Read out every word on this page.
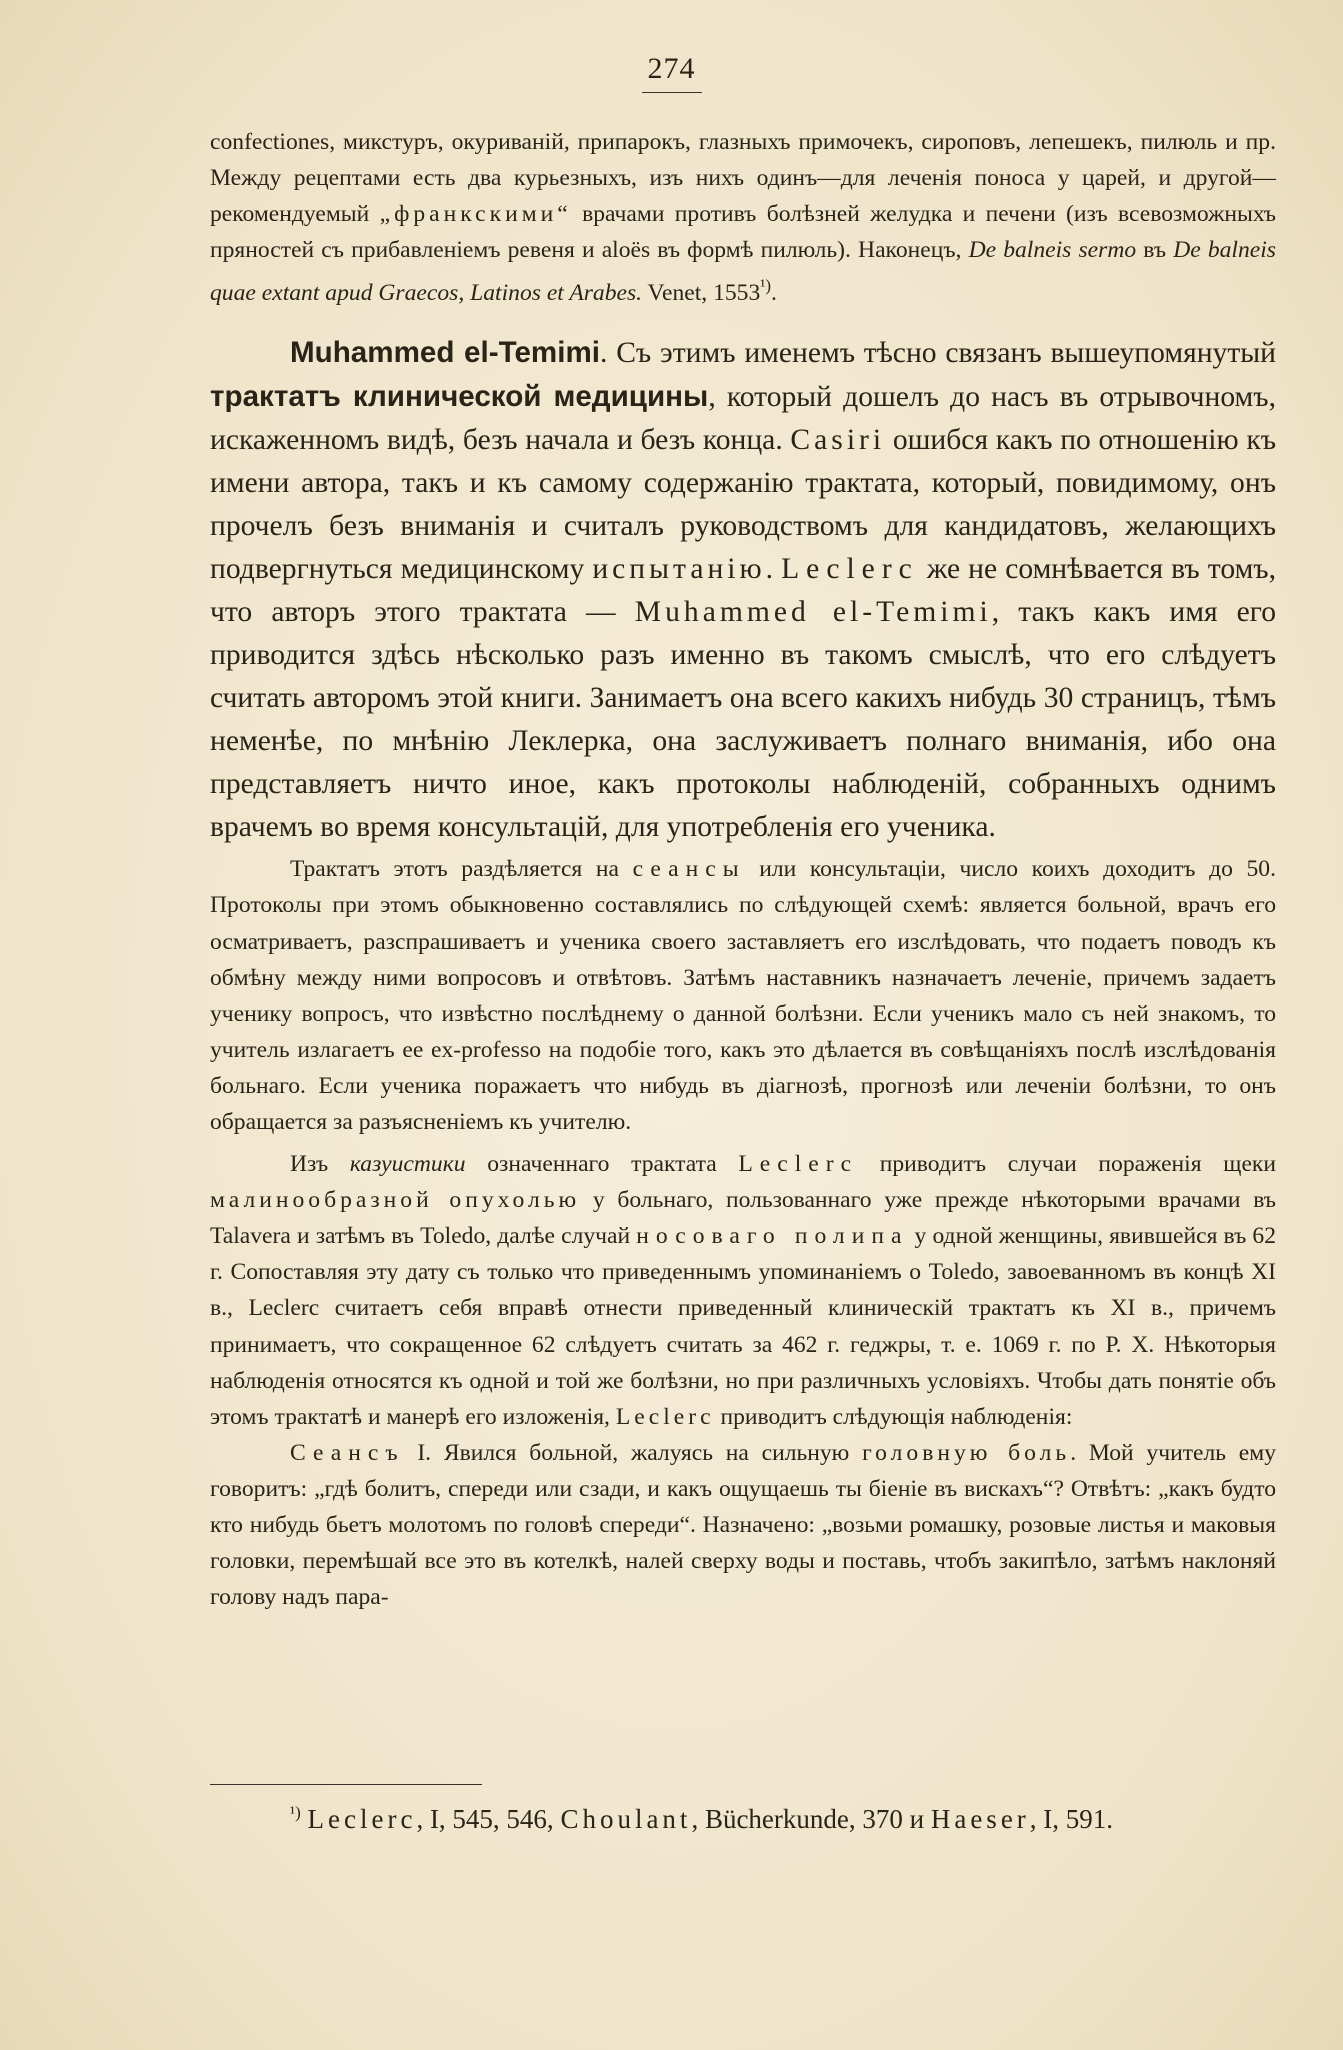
274

confectiones, микстуръ, окуриваній, припарокъ, глазныхъ примочекъ, сироповъ, лепешекъ, пилюль и пр. Между рецептами есть два курьезныхъ, изъ нихъ одинъ—для леченія поноса у царей, и другой—рекомендуемый „франкскими“ врачами противъ болѣзней желудка и печени (изъ всевозможныхъ пряностей съ прибавленіемъ ревеня и aloës въ формѣ пилюль). Наконецъ, De balneis sermo въ De balneis quae extant apud Graecos, Latinos et Arabes. Venet, 1553$^{^1)}$.

Muhammed el-Temimi. Съ этимъ именемъ тѣсно связанъ вышеупомянутый трактатъ клинической медицины, который дошелъ до насъ въ отрывочномъ, искаженномъ видѣ, безъ начала и безъ конца. Casiri ошибся какъ по отношенію къ имени автора, такъ и къ самому содержанію трактата, который, повидимому, онъ прочелъ безъ вниманія и считалъ руководствомъ для кандидатовъ, желающихъ подвергнуться медицинскому испытанію. Leclerc же не сомнѣвается въ томъ, что авторъ этого трактата — Muhammed el-Temimi, такъ какъ имя его приводится здѣсь нѣсколько разъ именно въ такомъ смыслѣ, что его слѣдуетъ считать авторомъ этой книги. Занимаетъ она всего какихъ нибудь 30 страницъ, тѣмъ неменѣе, по мнѣнію Леклерка, она заслуживаетъ полнаго вниманія, ибо она представляетъ ничто иное, какъ протоколы наблюденій, собранныхъ однимъ врачемъ во время консультацій, для употребленія его ученика.

Трактатъ этотъ раздѣляется на сеансы или консультаціи, число коихъ доходитъ до 50. Протоколы при этомъ обыкновенно составлялись по слѣдующей схемѣ: является больной, врачъ его осматриваетъ, разспрашиваетъ и ученика своего заставляетъ его изслѣдовать, что подаетъ поводъ къ обмѣну между ними вопросовъ и отвѣтовъ. Затѣмъ наставникъ назначаетъ леченіе, причемъ задаетъ ученику вопросъ, что извѣстно послѣднему о данной болѣзни. Если ученикъ мало съ ней знакомъ, то учитель излагаетъ ее ex-professo на подобіе того, какъ это дѣлается въ совѣщаніяхъ послѣ изслѣдованія больнаго. Если ученика поражаетъ что нибудь въ діагнозѣ, прогнозѣ или леченіи болѣзни, то онъ обращается за разъясненіемъ къ учителю.

Изъ казуистики означеннаго трактата Leclerc приводитъ случаи пораженія щеки малинообразной опухолью у больнаго, пользованнаго уже прежде нѣкоторыми врачами въ Talavera и затѣмъ въ Toledo, далѣе случай носоваго полипа у одной женщины, явившейся въ 62 г. Сопоставляя эту дату съ только что приведеннымъ упоминаніемъ о Toledo, завоеванномъ въ концѣ XI в., Leclerc считаетъ себя вправѣ отнести приведенный клиническій трактатъ къ XI в., причемъ принимаетъ, что сокращенное 62 слѣдуетъ считать за 462 г. геджры, т. е. 1069 г. по Р. Х. Нѣкоторыя наблюденія относятся къ одной и той же болѣзни, но при различныхъ условіяхъ. Чтобы дать понятіе объ этомъ трактатѣ и манерѣ его изложенія, Leclerc приводитъ слѣдующія наблюденія:

Сеансъ I. Явился больной, жалуясь на сильную головную боль. Мой учитель ему говоритъ: „гдѣ болитъ, спереди или сзади, и какъ ощущаешь ты біеніе въ вискахъ“? Отвѣтъ: „какъ будто кто нибудь бьетъ молотомъ по головѣ спереди“. Назначено: „возьми ромашку, розовые листья и маковыя головки, перемѣшай все это въ котелкѣ, налей сверху воды и поставь, чтобъ закипѣло, затѣмъ наклоняй голову надъ пара-

$^{^1)}$ Leclerc, I, 545, 546, Choulant, Bücherkunde, 370 и Haeser, I, 591.
